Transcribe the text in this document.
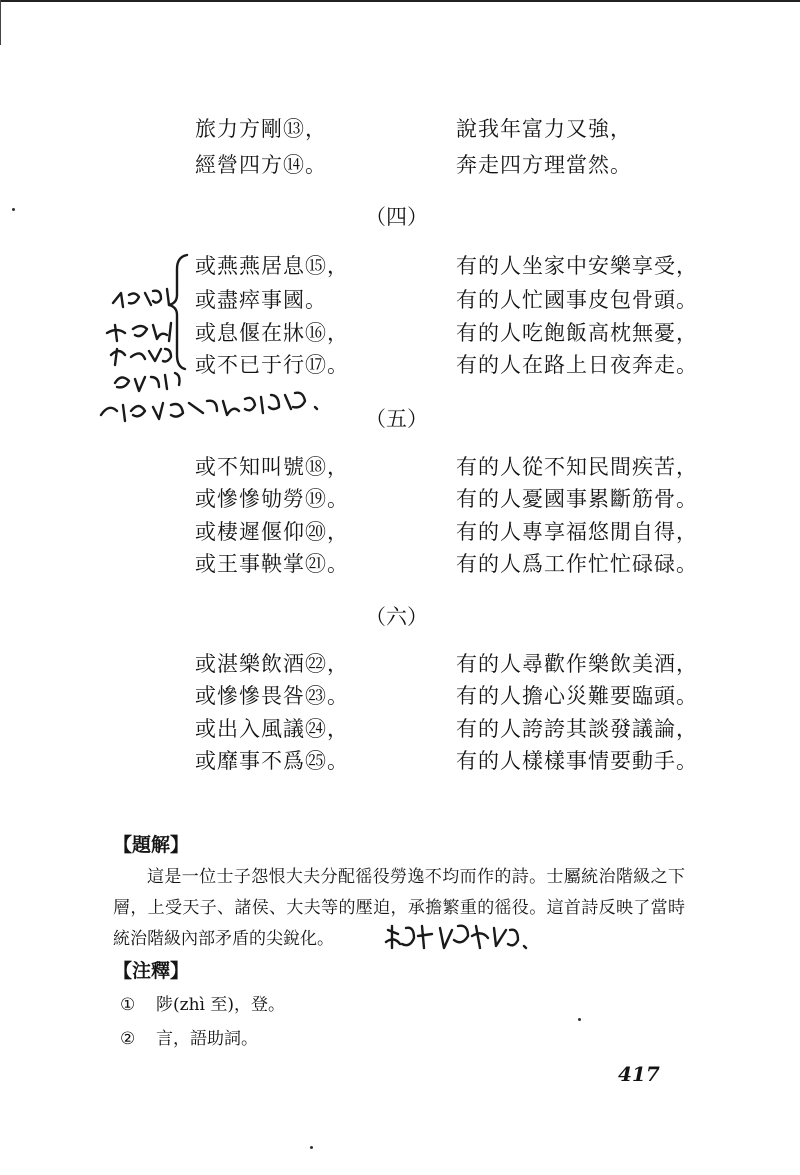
旅力方剛⑬，	說我年富力又強，
經營四方⑭。	奔走四方理當然。
（四）
或燕燕居息⑮，	有的人坐家中安樂享受，
或盡瘁事國。	有的人忙國事皮包骨頭。
或息偃在牀⑯，	有的人吃飽飯高枕無憂，
或不已于行⑰。	有的人在路上日夜奔走。
（五）
或不知叫號⑱，	有的人從不知民間疾苦，
或慘慘劬勞⑲。	有的人憂國事累斷筋骨。
或棲遲偃仰⑳，	有的人專享福悠閒自得，
或王事鞅掌㉑。	有的人爲工作忙忙碌碌。
（六）
或湛樂飲酒㉒，	有的人尋歡作樂飲美酒，
或慘慘畏咎㉓。	有的人擔心災難要臨頭。
或出入風議㉔，	有的人誇誇其談發議論，
或靡事不爲㉕。	有的人樣樣事情要動手。
【題解】
這是一位士子怨恨大夫分配徭役勞逸不均而作的詩。士屬統治階級之下層，上受天子、諸侯、大夫等的壓迫，承擔繁重的徭役。這首詩反映了當時統治階級內部矛盾的尖銳化。
【注釋】
① 陟(zhì 至)，登。
② 言，語助詞。
417
